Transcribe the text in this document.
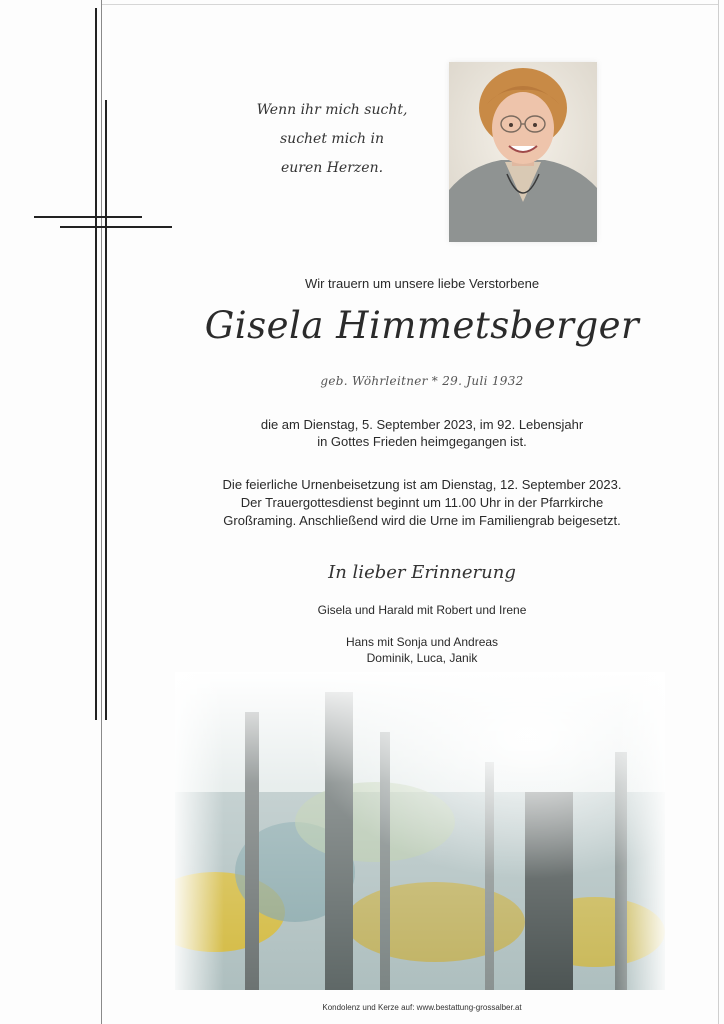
Wenn ihr mich sucht,
suchet mich in
euren Herzen.
Wir trauern um unsere liebe Verstorbene
Gisela Himmetsberger
geb. Wöhrleitner * 29. Juli 1932
die am Dienstag, 5. September 2023, im 92. Lebensjahr
in Gottes Frieden heimgegangen ist.
Die feierliche Urnenbeisetzung ist am Dienstag, 12. September 2023.
Der Trauergottesdienst beginnt um 11.00 Uhr in der Pfarrkirche
Großraming. Anschließend wird die Urne im Familiengrab beigesetzt.
In lieber Erinnerung
Gisela und Harald mit Robert und Irene
Hans mit Sonja und Andreas
Dominik, Luca, Janik
Kondolenz und Kerze auf: www.bestattung-grossalber.at
